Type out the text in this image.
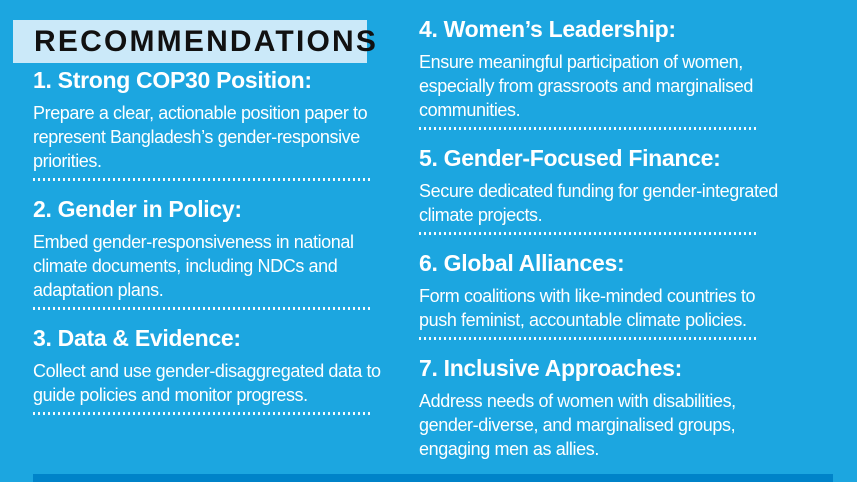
RECOMMENDATIONS
1. Strong COP30 Position:

Prepare a clear, actionable position paper to represent Bangladesh’s gender-responsive priorities.

2. Gender in Policy:

Embed gender-responsiveness in national climate documents, including NDCs and adaptation plans.

3. Data & Evidence:

Collect and use gender-disaggregated data to guide policies and monitor progress.

4. Women’s Leadership:

Ensure meaningful participation of women, especially from grassroots and marginalised communities.

5. Gender-Focused Finance:

Secure dedicated funding for gender-integrated climate projects.

6. Global Alliances:

Form coalitions with like-minded countries to push feminist, accountable climate policies.

7. Inclusive Approaches:

Address needs of women with disabilities, gender-diverse, and marginalised groups, engaging men as allies.
